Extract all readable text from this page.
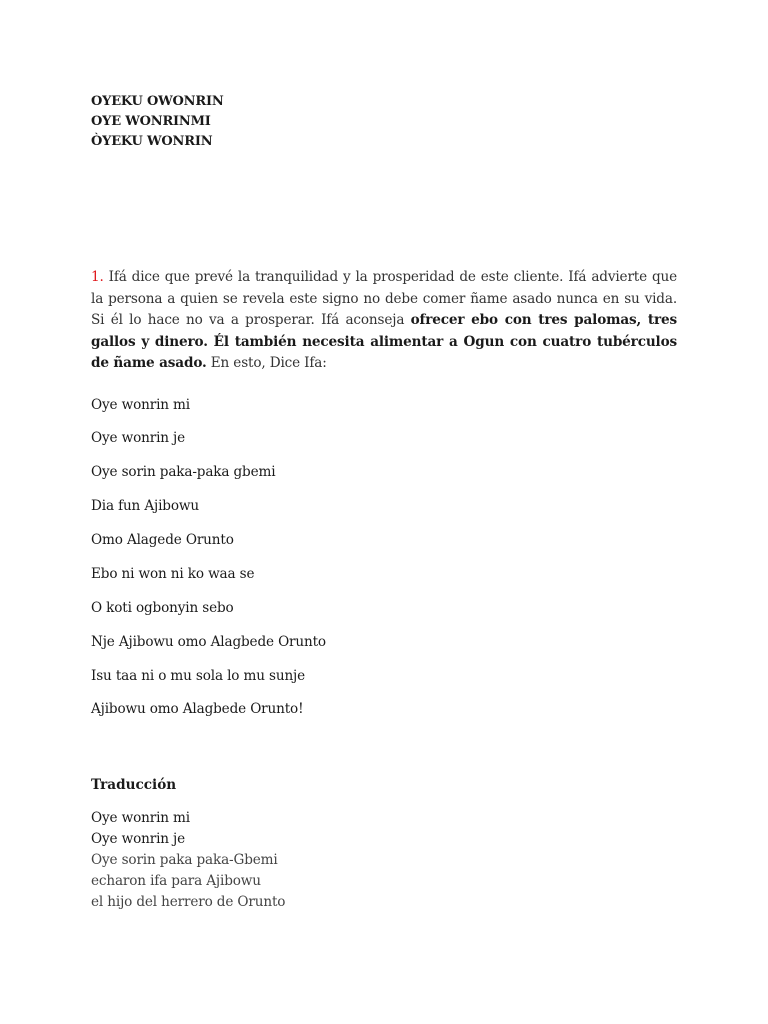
OYEKU OWONRIN
OYE WONRINMI
ÒYEKU WONRIN
1. Ifá dice que prevé la tranquilidad y la prosperidad de este cliente. Ifá advierte que la persona a quien se revela este signo no debe comer ñame asado nunca en su vida. Si él lo hace no va a prosperar. Ifá aconseja ofrecer ebo con tres palomas, tres gallos y dinero. Él también necesita alimentar a Ogun con cuatro tubérculos de ñame asado. En esto, Dice Ifa:
Oye wonrin mi
Oye wonrin je
Oye sorin paka-paka gbemi
Dia fun Ajibowu
Omo Alagede Orunto
Ebo ni won ni ko waa se
O koti ogbonyin sebo
Nje Ajibowu omo Alagbede Orunto
Isu taa ni o mu sola lo mu sunje
Ajibowu omo Alagbede Orunto!
Traducción
Oye wonrin mi
Oye wonrin je
Oye sorin paka paka-Gbemi
echaron ifa para Ajibowu
el hijo del herrero de Orunto
